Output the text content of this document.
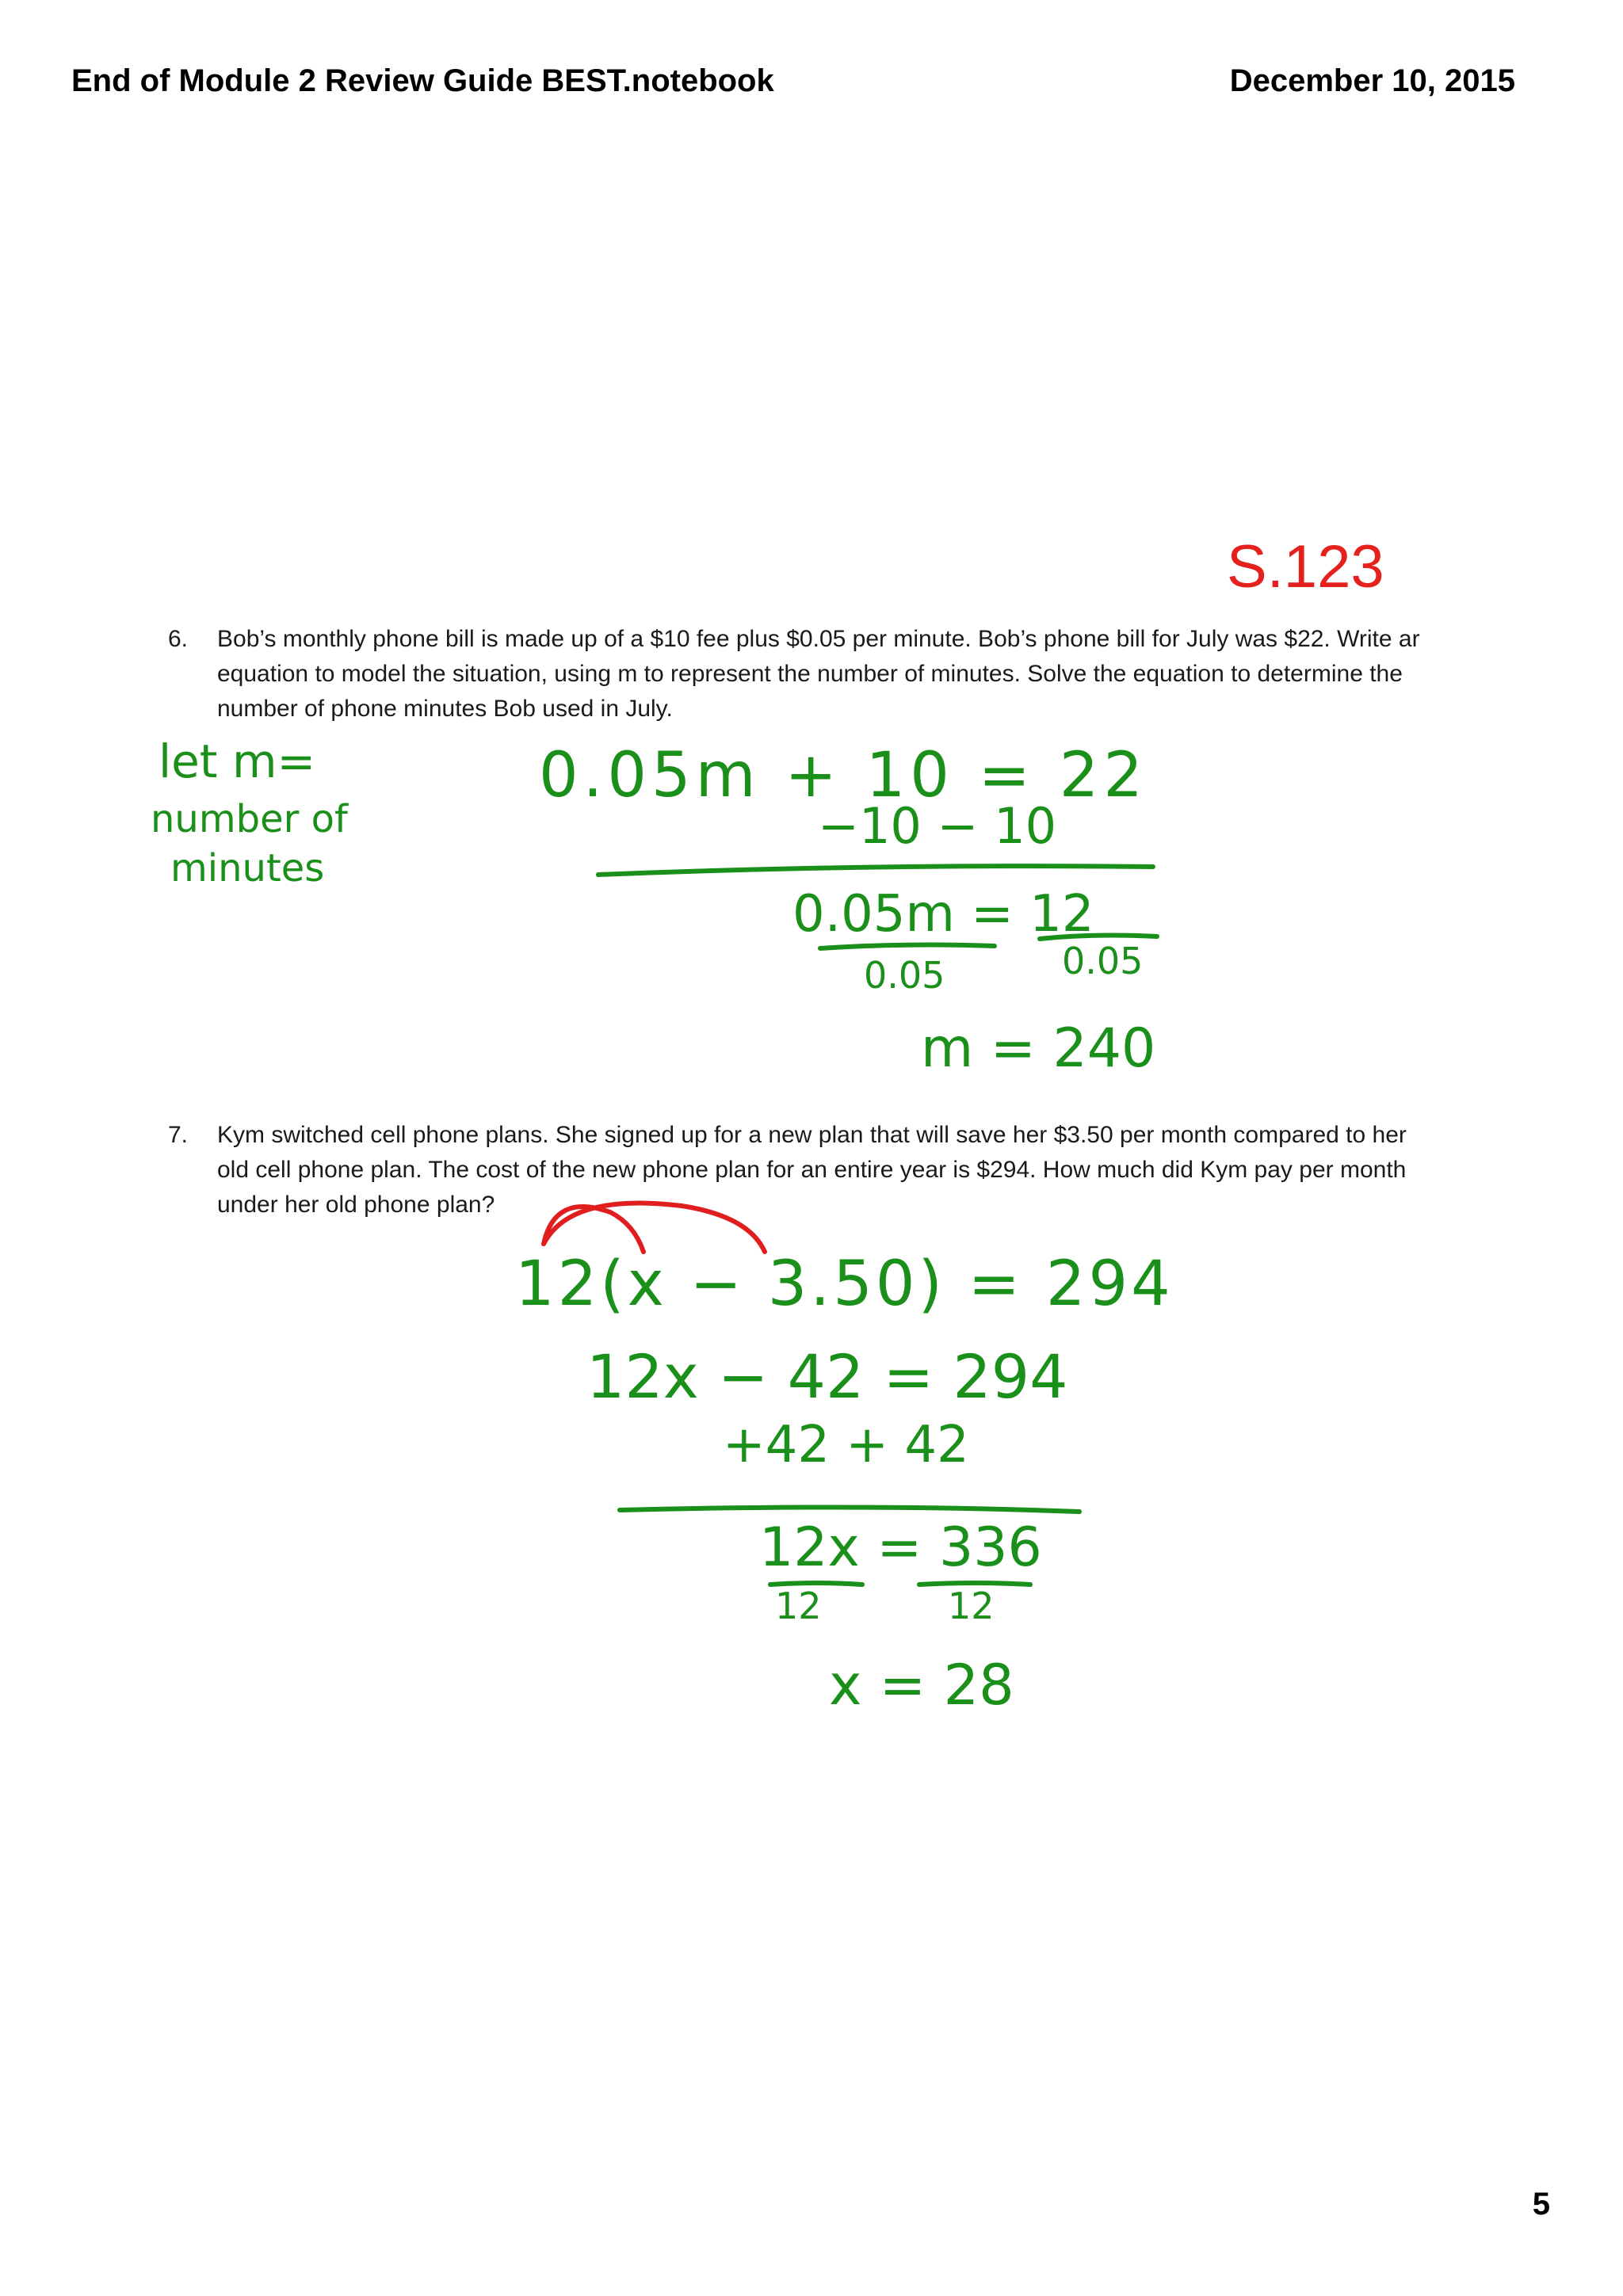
End of Module 2 Review Guide BEST.notebook	December 10, 2015
S.123
6. Bob’s monthly phone bill is made up of a $10 fee plus $0.05 per minute. Bob’s phone bill for July was $22. Write ar
equation to model the situation, using m to represent the number of minutes. Solve the equation to determine the
number of phone minutes Bob used in July.
let m=
number of
minutes
0.05m + 10 = 22
−10 − 10
0.05m = 12
0.05	0.05
m = 240
7. Kym switched cell phone plans. She signed up for a new plan that will save her $3.50 per month compared to her
old cell phone plan. The cost of the new phone plan for an entire year is $294. How much did Kym pay per month
under her old phone plan?
12(x − 3.50) = 294
12x − 42 = 294
+42 + 42
12x = 336
12	12
x = 28
5
